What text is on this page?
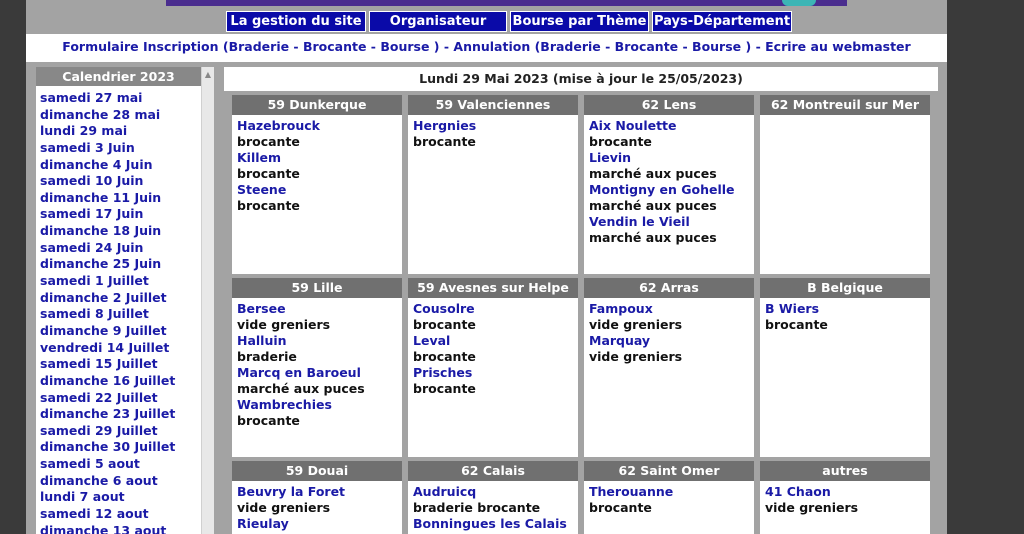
La gestion du site	Organisateur	Bourse par Thème Pays-Département
Formulaire Inscription (Braderie - Brocante - Bourse ) - Annulation (Braderie - Brocante - Bourse ) - Ecrire au webmaster
Calendrier 2023
samedi 27 mai
dimanche 28 mai
lundi 29 mai
samedi 3 Juin
dimanche 4 Juin
samedi 10 Juin
dimanche 11 Juin
samedi 17 Juin
dimanche 18 Juin
samedi 24 Juin
dimanche 25 Juin
samedi 1 Juillet
dimanche 2 Juillet
samedi 8 Juillet
dimanche 9 Juillet
vendredi 14 Juillet
samedi 15 Juillet
dimanche 16 Juillet
samedi 22 Juillet
dimanche 23 Juillet
samedi 29 Juillet
dimanche 30 Juillet
samedi 5 aout
dimanche 6 aout
lundi 7 aout
samedi 12 aout
dimanche 13 aout
▲	Lundi 29 Mai 2023 (mise à jour le 25/05/2023)
59 Dunkerque
Hazebrouck
brocante
Killem
brocante
Steene
brocante
59 Valenciennes
Hergnies
brocante
62 Lens
Aix Noulette
brocante
Lievin
marché aux puces
Montigny en Gohelle
marché aux puces
Vendin le Vieil
marché aux puces
62 Montreuil sur Mer
59 Lille
Bersee
vide greniers
Halluin
braderie
Marcq en Baroeul
marché aux puces
Wambrechies
brocante
59 Avesnes sur Helpe
Cousolre
brocante
Leval
brocante
Prisches
brocante
62 Arras
Fampoux
vide greniers
Marquay
vide greniers
B Belgique
B Wiers
brocante
59 Douai
Beuvry la Foret
vide greniers
Rieulay
62 Calais
Audruicq
braderie brocante
Bonningues les Calais
62 Saint Omer
Therouanne
brocante
autres
41 Chaon
vide greniers
